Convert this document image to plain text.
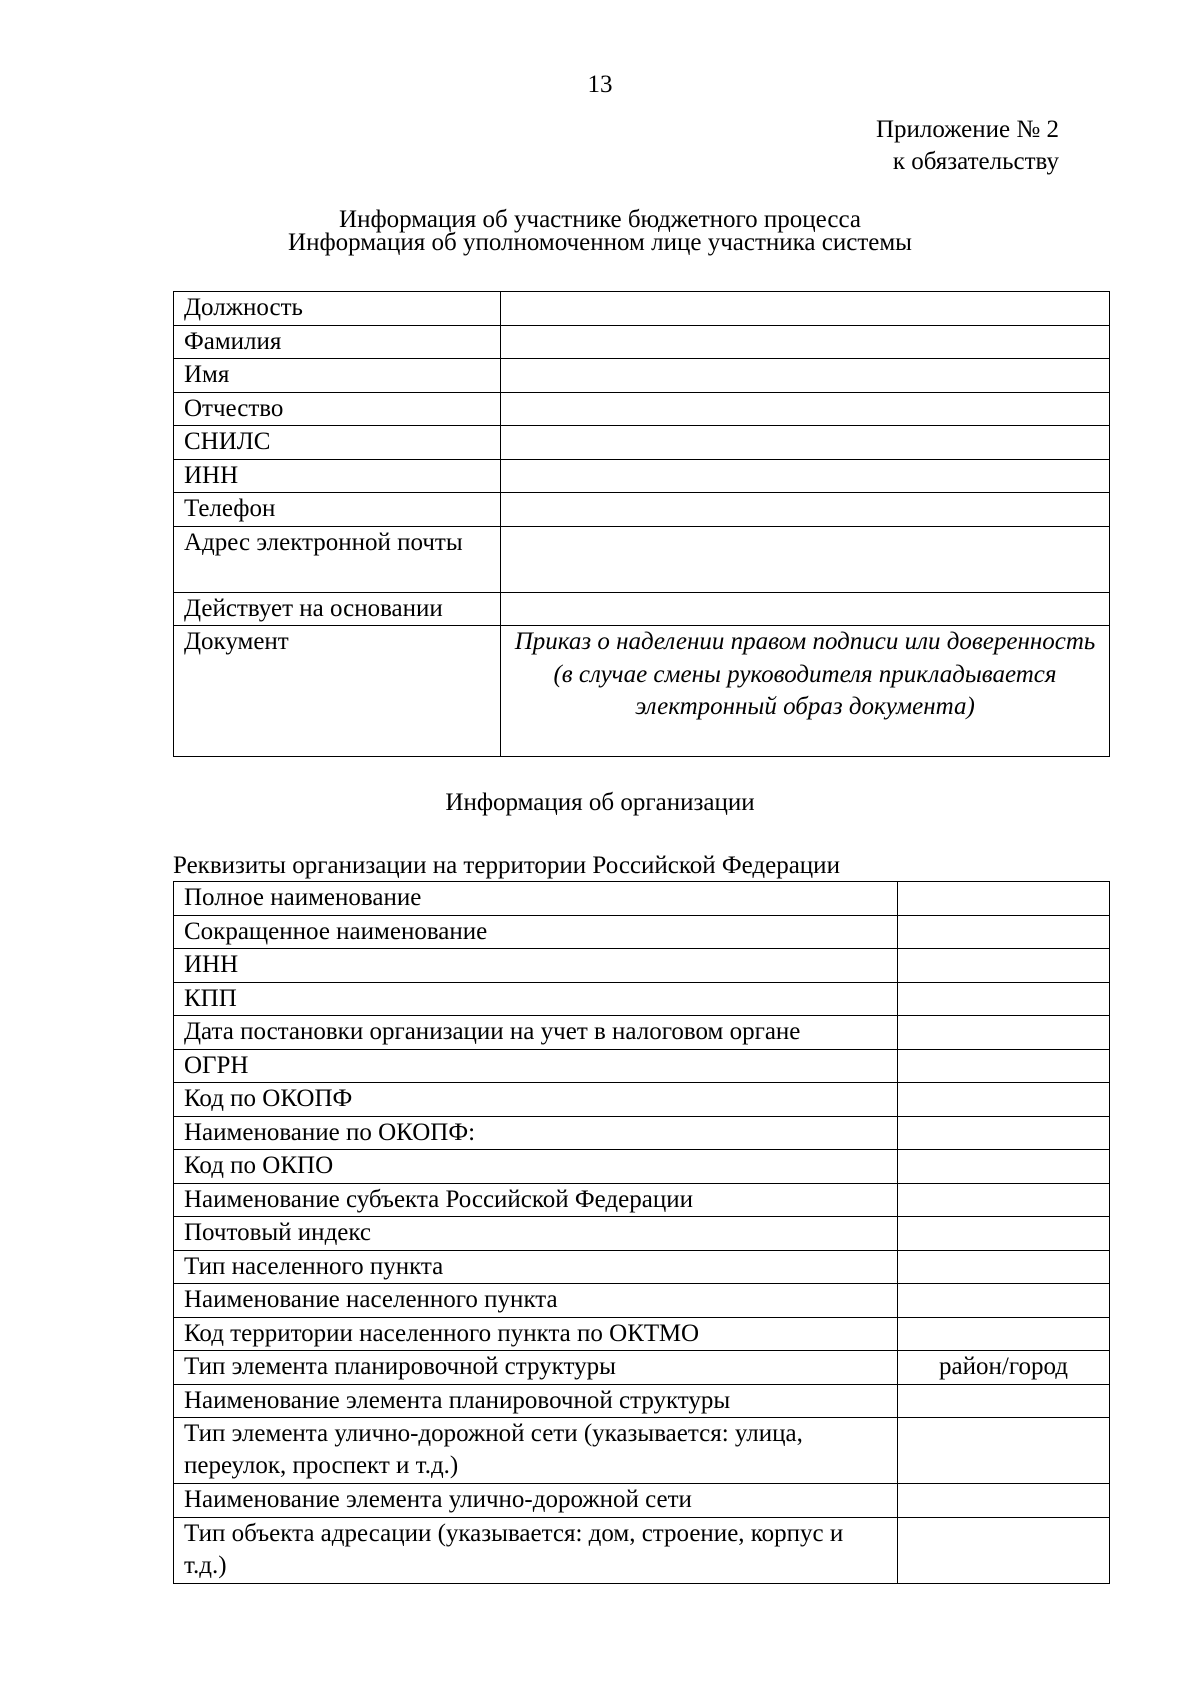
13
Приложение № 2
к обязательству
Информация об участнике бюджетного процесса
Информация об уполномоченном лице участника системы
Должность	
Фамилия	
Имя	
Отчество	
СНИЛС	
ИНН	
Телефон	
Адрес электронной почты	
Действует на основании	
Документ	Приказ о наделении правом подписи или доверенность (в случае смены руководителя прикладывается электронный образ документа)
Информация об организации
Реквизиты организации на территории Российской Федерации
Полное наименование	
Сокращенное наименование	
ИНН	
КПП	
Дата постановки организации на учет в налоговом органе	
ОГРН	
Код по ОКОПФ	
Наименование по ОКОПФ:	
Код по ОКПО	
Наименование субъекта Российской Федерации	
Почтовый индекс	
Тип населенного пункта	
Наименование населенного пункта	
Код территории населенного пункта по ОКТМО	
Тип элемента планировочной структуры	район/город
Наименование элемента планировочной структуры	
Тип элемента улично-дорожной сети (указывается: улица, переулок, проспект и т.д.)	
Наименование элемента улично-дорожной сети	
Тип объекта адресации (указывается: дом, строение, корпус и т.д.)	
